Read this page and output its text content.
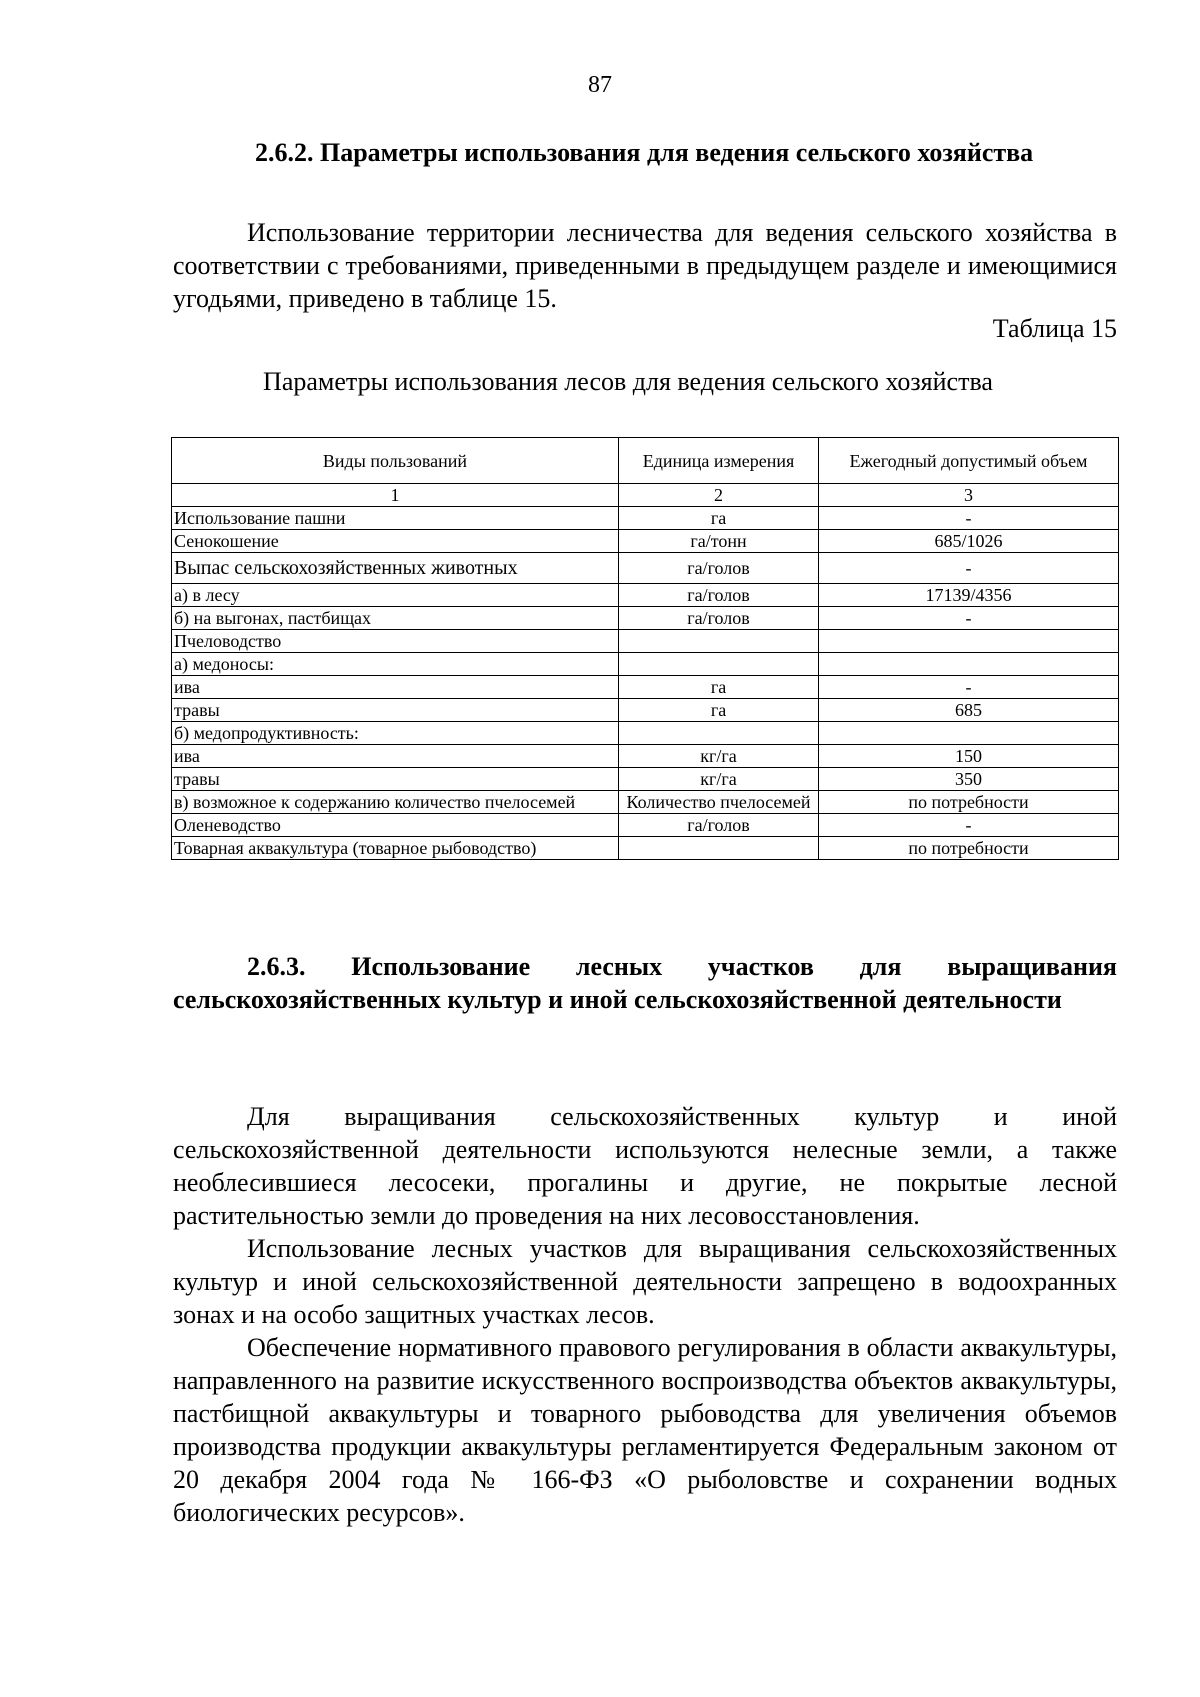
87
2.6.2. Параметры использования для ведения сельского хозяйства

Использование территории лесничества для ведения сельского хозяйства в соответствии с требованиями, приведенными в предыдущем разделе и имеющимися угодьями, приведено в таблице 15.

Таблица 15
Параметры использования лесов для ведения сельского хозяйства
Виды пользований	Единица измерения	Ежегодный допустимый объем
1	2	3
Использование пашни	га	-
Сенокошение	га/тонн	685/1026
Выпас сельскохозяйственных животных	га/голов	-
а) в лесу	га/голов	17139/4356
б) на выгонах, пастбищах	га/голов	-
Пчеловодство		
а) медоносы:		
ива	га	-
травы	га	685
б) медопродуктивность:		
ива	кг/га	150
травы	кг/га	350
в) возможное к содержанию количество пчелосемей	Количество пчелосемей	по потребности
Оленеводство	га/голов	-
Товарная аквакультура (товарное рыбоводство)		по потребности

2.6.3. Использование лесных участков для выращивания сельскохозяйственных культур и иной сельскохозяйственной деятельности

Для выращивания сельскохозяйственных культур и иной сельскохозяйственной деятельности используются нелесные земли, а также необлесившиеся лесосеки, прогалины и другие, не покрытые лесной растительностью земли до проведения на них лесовосстановления.

Использование лесных участков для выращивания сельскохозяйственных культур и иной сельскохозяйственной деятельности запрещено в водоохранных зонах и на особо защитных участках лесов.

Обеспечение нормативного правового регулирования в области аквакультуры, направленного на развитие искусственного воспроизводства объектов аквакультуры, пастбищной аквакультуры и товарного рыбоводства для увеличения объемов производства продукции аквакультуры регламентируется Федеральным законом от 20 декабря 2004 года № 166-ФЗ «О рыболовстве и сохранении водных биологических ресурсов».
